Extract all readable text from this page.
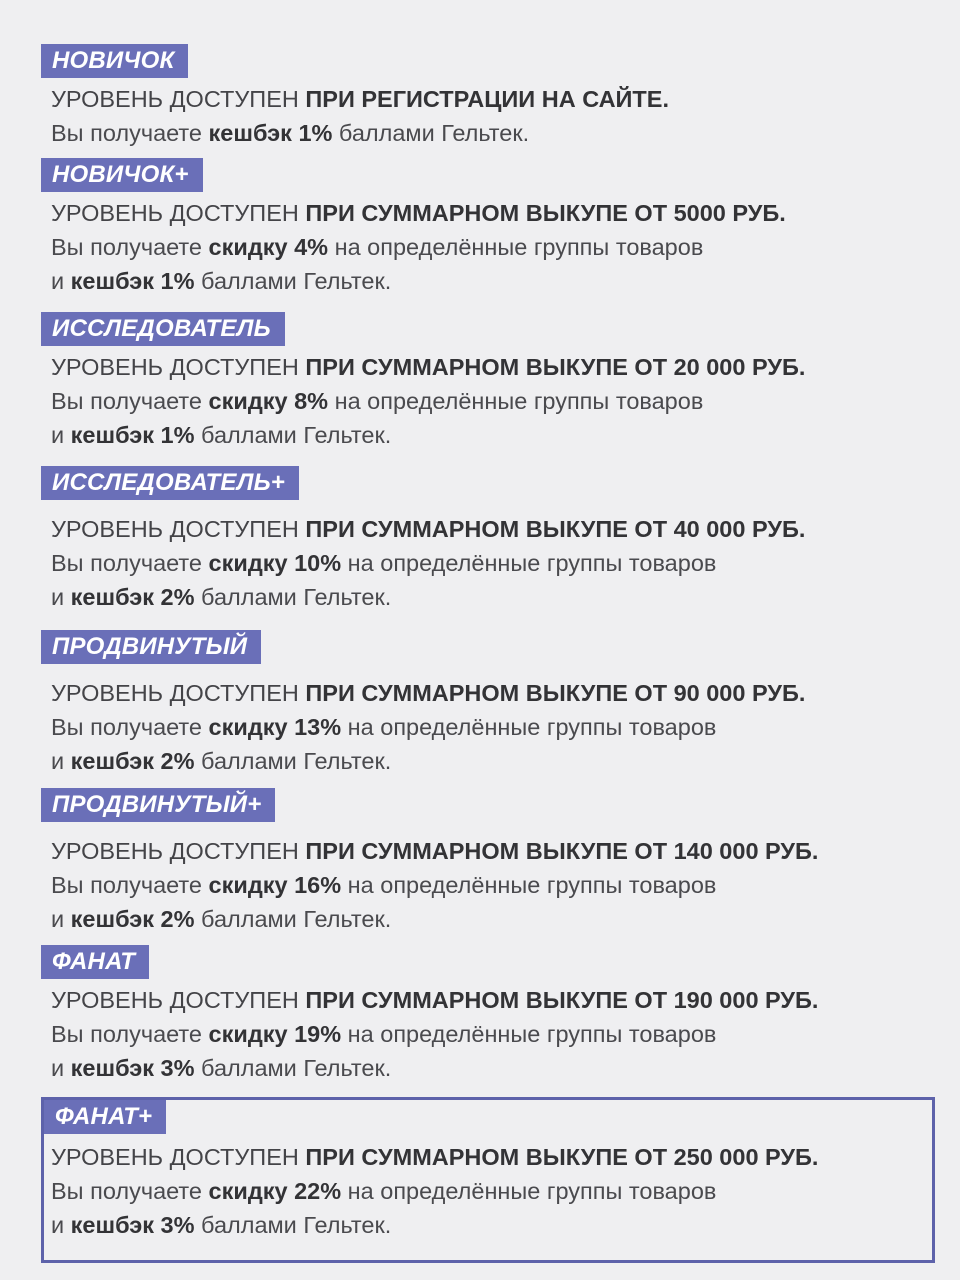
НОВИЧОК
УРОВЕНЬ ДОСТУПЕН ПРИ РЕГИСТРАЦИИ НА САЙТЕ.
Вы получаете кешбэк 1% баллами Гельтек.
НОВИЧОК+
УРОВЕНЬ ДОСТУПЕН ПРИ СУММАРНОМ ВЫКУПЕ ОТ 5000 РУБ.
Вы получаете скидку 4% на определённые группы товаров
и кешбэк 1% баллами Гельтек.
ИССЛЕДОВАТЕЛЬ
УРОВЕНЬ ДОСТУПЕН ПРИ СУММАРНОМ ВЫКУПЕ ОТ 20 000 РУБ.
Вы получаете скидку 8% на определённые группы товаров
и кешбэк 1% баллами Гельтек.
ИССЛЕДОВАТЕЛЬ+
УРОВЕНЬ ДОСТУПЕН ПРИ СУММАРНОМ ВЫКУПЕ ОТ 40 000 РУБ.
Вы получаете скидку 10% на определённые группы товаров
и кешбэк 2% баллами Гельтек.
ПРОДВИНУТЫЙ
УРОВЕНЬ ДОСТУПЕН ПРИ СУММАРНОМ ВЫКУПЕ ОТ 90 000 РУБ.
Вы получаете скидку 13% на определённые группы товаров
и кешбэк 2% баллами Гельтек.
ПРОДВИНУТЫЙ+
УРОВЕНЬ ДОСТУПЕН ПРИ СУММАРНОМ ВЫКУПЕ ОТ 140 000 РУБ.
Вы получаете скидку 16% на определённые группы товаров
и кешбэк 2% баллами Гельтек.
ФАНАТ
УРОВЕНЬ ДОСТУПЕН ПРИ СУММАРНОМ ВЫКУПЕ ОТ 190 000 РУБ.
Вы получаете скидку 19% на определённые группы товаров
и кешбэк 3% баллами Гельтек.
ФАНАТ+
УРОВЕНЬ ДОСТУПЕН ПРИ СУММАРНОМ ВЫКУПЕ ОТ 250 000 РУБ.
Вы получаете скидку 22% на определённые группы товаров
и кешбэк 3% баллами Гельтек.
